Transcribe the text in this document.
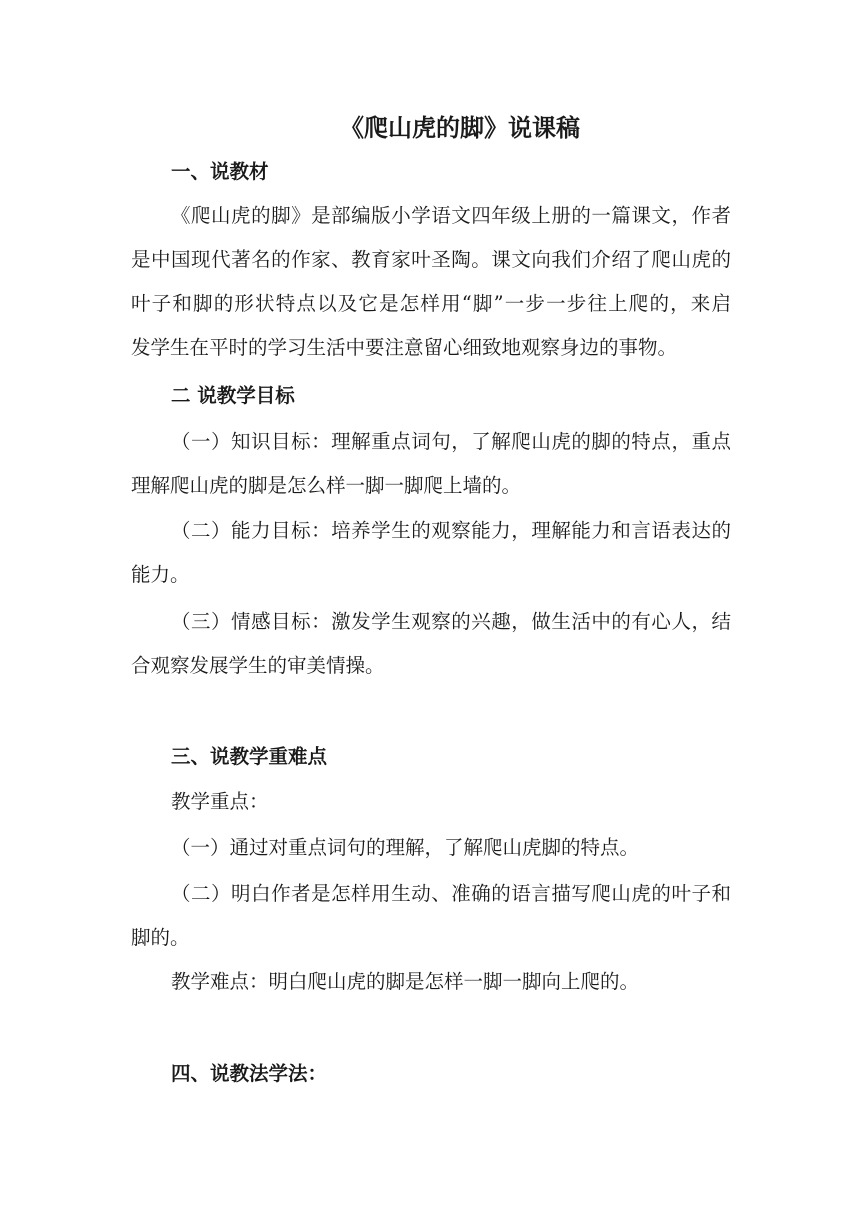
《爬山虎的脚》说课稿
一、说教材
《爬山虎的脚》是部编版小学语文四年级上册的一篇课文，作者
是中国现代著名的作家、教育家叶圣陶。课文向我们介绍了爬山虎的
叶子和脚的形状特点以及它是怎样用“脚”一步一步往上爬的，来启
发学生在平时的学习生活中要注意留心细致地观察身边的事物。
二 说教学目标
（一）知识目标：理解重点词句，了解爬山虎的脚的特点，重点
理解爬山虎的脚是怎么样一脚一脚爬上墙的。
（二）能力目标：培养学生的观察能力，理解能力和言语表达的
能力。
（三）情感目标：激发学生观察的兴趣，做生活中的有心人，结
合观察发展学生的审美情操。
三、说教学重难点
教学重点：
（一）通过对重点词句的理解，了解爬山虎脚的特点。
（二）明白作者是怎样用生动、准确的语言描写爬山虎的叶子和
脚的。
教学难点：明白爬山虎的脚是怎样一脚一脚向上爬的。
四、说教法学法：
